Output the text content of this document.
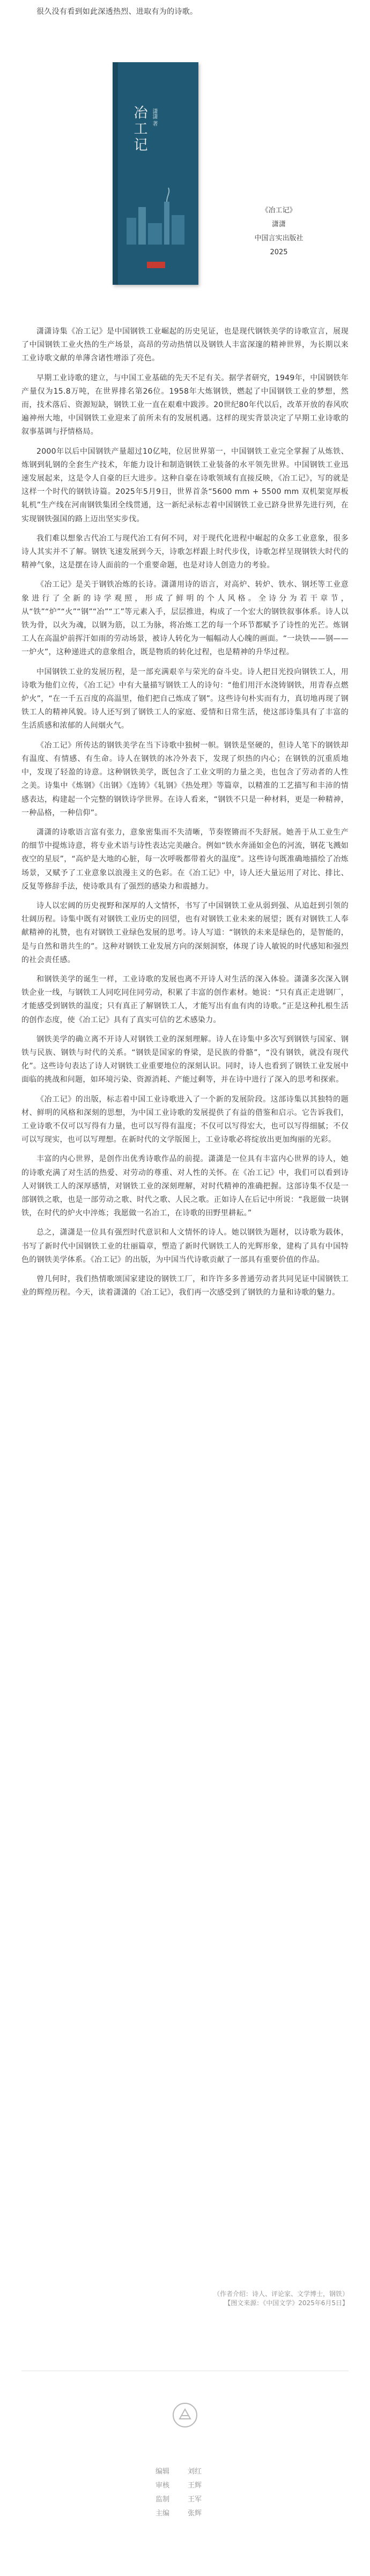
很久没有看到如此深透热烈、进取有为的诗歌。

冶工记 潇潇 著
《冶工记》
潇潇
中国言实出版社
2025

潇潇诗集《冶工记》是中国钢铁工业崛起的历史见证，也是现代钢铁美学的诗歌宣言，展现了中国钢铁工业火热的生产场景，高昂的劳动热情以及钢铁人丰富深邃的精神世界，为长期以来工业诗歌文献的单薄含诸性增添了亮色。

早期工业诗歌的建立，与中国工业基础的先天不足有关。据学者研究，1949年，中国钢铁年产量仅为15.8万吨，在世界排名第26位。1958年大炼钢铁，燃起了中国钢铁工业的梦想，然而，技术落后、资源短缺，钢铁工业一直在艰难中跋涉。20世纪80年代以后，改革开放的春风吹遍神州大地，中国钢铁工业迎来了前所未有的发展机遇。这样的现实背景决定了早期工业诗歌的叙事基调与抒情格局。

2000年以后中国钢铁产量超过10亿吨，位居世界第一，中国钢铁工业完全掌握了从炼铁、炼钢到轧钢的全套生产技术，年能力设计和制造钢铁工业装备的水平领先世界。中国钢铁工业迅速发展起来，这是令人自豪的巨大进步。这种自豪在诗歌领域有直接反映，《冶工记》，写的就是这样一个时代的钢铁诗篇。2025年5月9日，世界首条“5600 mm + 5500 mm 双机架宽厚板轧机”生产线在河南钢铁集团全线贯通，这一新纪录标志着中国钢铁工业已跻身世界先进行列，在实现钢铁强国的路上迈出坚实步伐。

我们难以想象古代冶工与现代冶工有何不同，对于现代化进程中崛起的众多工业意象，很多诗人其实并不了解。钢铁飞速发展到今天，诗歌怎样跟上时代步伐，诗歌怎样呈现钢铁大时代的精神气象，这是摆在诗人面前的一个重要命题，也是对诗人创造力的考验。

《冶工记》是关于钢铁冶炼的长诗。潇潇用诗的语言，对高炉、转炉、铁水、钢坯等工业意象进行了全新的诗学观照，形成了鲜明的个人风格。全诗分为若干章节，从“铁”“炉”“火”“钢”“冶”“工”等元素入手，层层推进，构成了一个宏大的钢铁叙事体系。诗人以铁为骨，以火为魂，以钢为筋，以工为脉，将冶炼工艺的每一个环节都赋予了诗性的光芒。炼钢工人在高温炉前挥汗如雨的劳动场景，被诗人转化为一幅幅动人心魄的画面。“一块铁——钢——一炉火”，这种递进式的意象组合，既是物质的转化过程，也是精神的升华过程。

中国钢铁工业的发展历程，是一部充满艰辛与荣光的奋斗史。诗人把目光投向钢铁工人，用诗歌为他们立传，《冶工记》中有大量描写钢铁工人的诗句：“他们用汗水浇铸钢铁，用青春点燃炉火”，“在一千五百度的高温里，他们把自己炼成了钢”。这些诗句朴实而有力，真切地再现了钢铁工人的精神风貌。诗人还写到了钢铁工人的家庭、爱情和日常生活，使这部诗集具有了丰富的生活质感和浓郁的人间烟火气。

《冶工记》所传达的钢铁美学在当下诗歌中独树一帜。钢铁是坚硬的，但诗人笔下的钢铁却有温度、有情感、有生命。诗人在钢铁的冰冷外表下，发现了炽热的内心；在钢铁的沉重质地中，发现了轻盈的诗意。这种钢铁美学，既包含了工业文明的力量之美，也包含了劳动者的人性之美。诗集中《炼钢》《出钢》《连铸》《轧钢》《热处理》等篇章，以精准的工艺描写和丰沛的情感表达，构建起一个完整的钢铁诗学世界。在诗人看来，“钢铁不只是一种材料，更是一种精神，一种品格，一种信仰”。

潇潇的诗歌语言富有张力，意象密集而不失清晰，节奏铿锵而不失舒展。她善于从工业生产的细节中提炼诗意，将专业术语与诗性表达完美融合。例如“铁水奔涌如金色的河流，钢花飞溅如夜空的星辰”，“高炉是大地的心脏，每一次呼吸都带着火的温度”。这些诗句既准确地描绘了冶炼场景，又赋予了工业意象以浪漫主义的色彩。在《冶工记》中，诗人还大量运用了对比、排比、反复等修辞手法，使诗歌具有了强烈的感染力和震撼力。

诗人以宏阔的历史视野和深厚的人文情怀，书写了中国钢铁工业从弱到强、从追赶到引领的壮阔历程。诗集中既有对钢铁工业历史的回望，也有对钢铁工业未来的展望；既有对钢铁工人奉献精神的礼赞，也有对钢铁工业绿色发展的思考。诗人写道：“钢铁的未来是绿色的，是智能的，是与自然和谐共生的”。这种对钢铁工业发展方向的深刻洞察，体现了诗人敏锐的时代感知和强烈的社会责任感。

和钢铁美学的诞生一样，工业诗歌的发展也离不开诗人对生活的深入体验。潇潇多次深入钢铁企业一线，与钢铁工人同吃同住同劳动，积累了丰富的创作素材。她说：“只有真正走进钢厂，才能感受到钢铁的温度；只有真正了解钢铁工人，才能写出有血有肉的诗歌。”正是这种扎根生活的创作态度，使《冶工记》具有了真实可信的艺术感染力。

钢铁美学的确立离不开诗人对钢铁工业的深刻理解。诗人在诗集中多次写到钢铁与国家、钢铁与民族、钢铁与时代的关系。“钢铁是国家的脊梁，是民族的骨骼”，“没有钢铁，就没有现代化”。这些诗句表达了诗人对钢铁工业重要地位的深刻认识。同时，诗人也看到了钢铁工业发展中面临的挑战和问题，如环境污染、资源消耗、产能过剩等，并在诗中进行了深入的思考和探索。

《冶工记》的出版，标志着中国工业诗歌进入了一个新的发展阶段。这部诗集以其独特的题材、鲜明的风格和深刻的思想，为中国工业诗歌的发展提供了有益的借鉴和启示。它告诉我们，工业诗歌不仅可以写得有力量，也可以写得有温度；不仅可以写得宏大，也可以写得细腻；不仅可以写现实，也可以写理想。在新时代的文学版图上，工业诗歌必将绽放出更加绚丽的光彩。

丰富的内心世界，是创作出优秀诗歌作品的前提。潇潇是一位具有丰富内心世界的诗人，她的诗歌充满了对生活的热爱、对劳动的尊重、对人性的关怀。在《冶工记》中，我们可以看到诗人对钢铁工人的深厚感情，对钢铁工业的深刻理解，对时代精神的准确把握。这部诗集不仅是一部钢铁之歌，也是一部劳动之歌、时代之歌、人民之歌。正如诗人在后记中所说：“我愿做一块钢铁，在时代的炉火中淬炼；我愿做一名冶工，在诗歌的田野里耕耘。”

总之，潇潇是一位具有强烈时代意识和人文情怀的诗人。她以钢铁为题材，以诗歌为载体，书写了新时代中国钢铁工业的壮丽篇章，塑造了新时代钢铁工人的光辉形象，建构了具有中国特色的钢铁美学体系。《冶工记》的出版，为中国当代诗歌贡献了一部具有重要价值的作品。

曾几何时，我们热情歌颂国家建设的钢铁工厂，和许许多多普通劳动者共同见证中国钢铁工业的辉煌历程。今天，读着潇潇的《冶工记》，我们再一次感受到了钢铁的力量和诗歌的魅力。

（作者介绍：诗人、评论家、文学博士，钢铁）
【图文来源：《中国文学》2025年6月5日】
编辑	刘红
审核	王辉
监制	王军
主编	张辉
